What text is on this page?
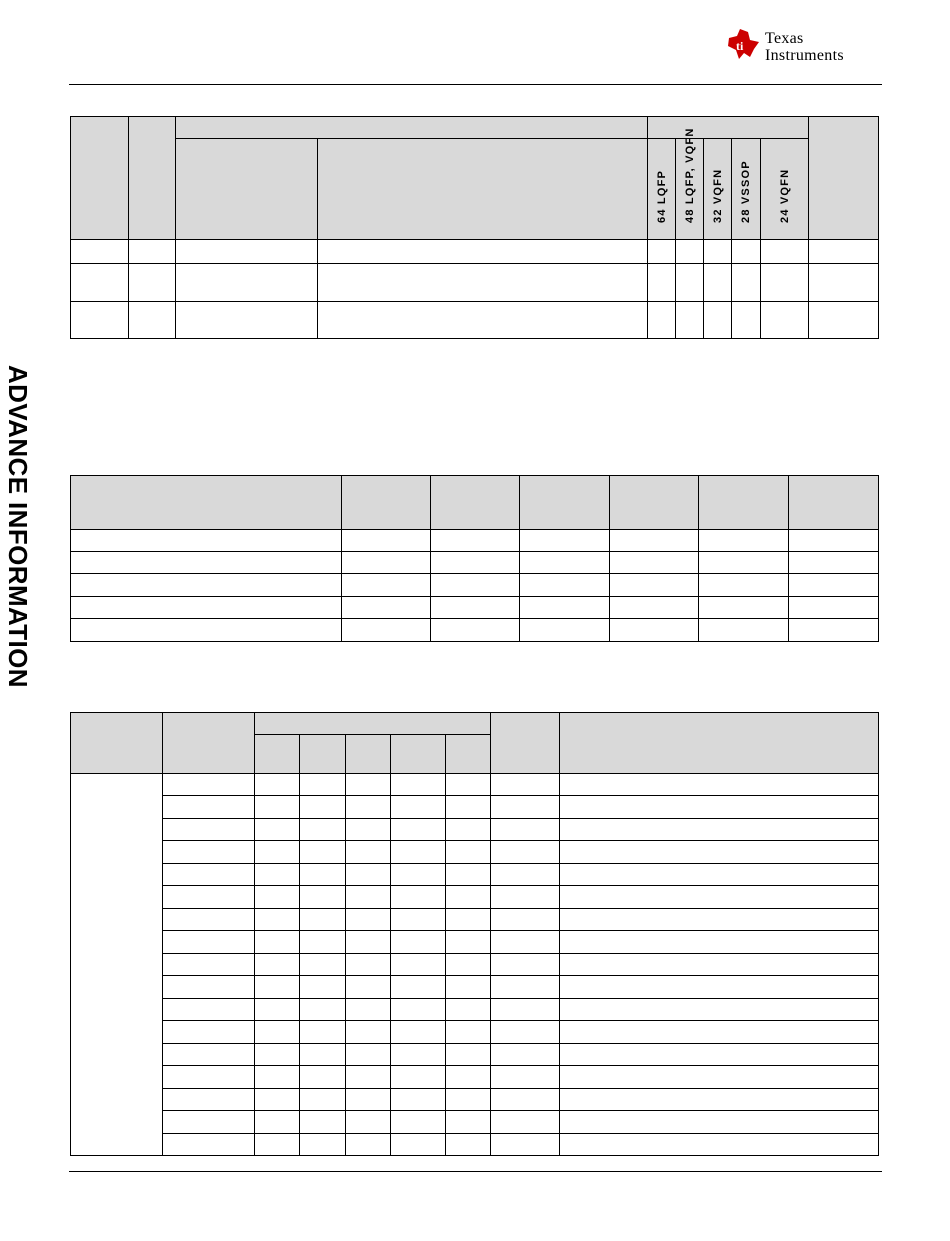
ti Texas
Instruments
ADVANCE INFORMATION
64 LQFP 48 LQFP, VQFN 32 VQFN 28 VSSOP 24 VQFN
